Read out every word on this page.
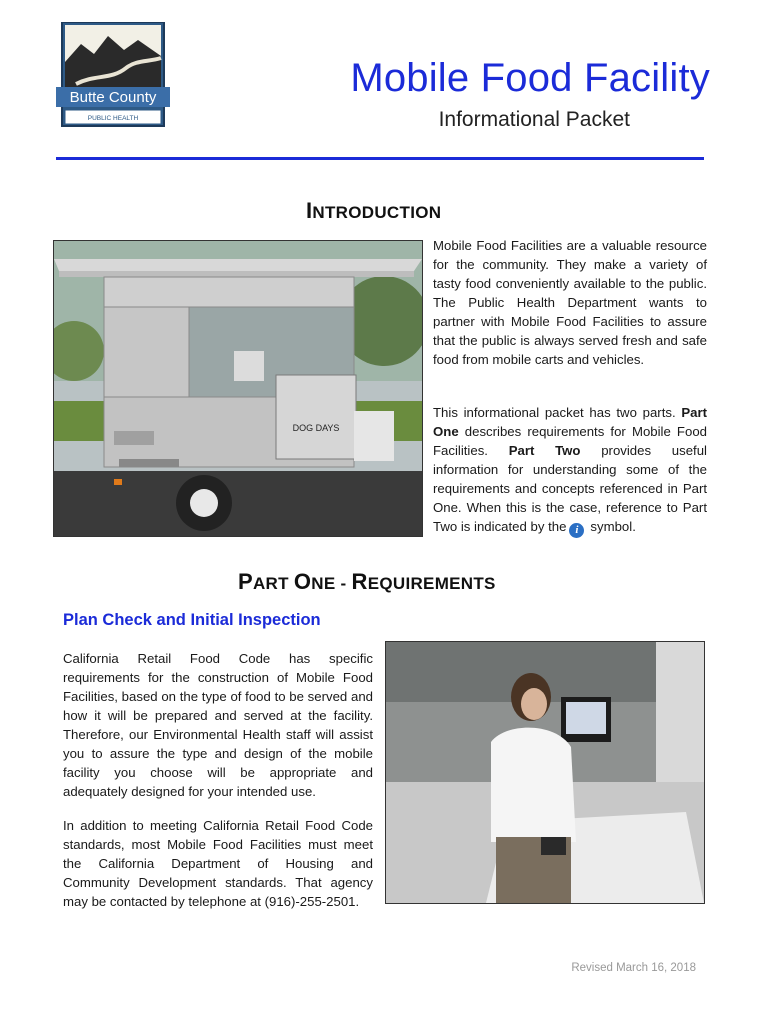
Butte County
PUBLIC HEALTH
Mobile Food Facility
Informational Packet
INTRODUCTION
DOG DAYS
Mobile Food Facilities are a valuable resource for the community. They make a variety of tasty food conveniently available to the public. The Public Health Department wants to partner with Mobile Food Facilities to assure that the public is always served fresh and safe food from mobile carts and vehicles.
This informational packet has two parts. Part One describes requirements for Mobile Food Facilities. Part Two provides useful information for understanding some of the requirements and concepts referenced in Part One. When this is the case, reference to Part Two is indicated by the i symbol.
PART ONE - REQUIREMENTS
Plan Check and Initial Inspection
California Retail Food Code has specific requirements for the construction of Mobile Food Facilities, based on the type of food to be served and how it will be prepared and served at the facility. Therefore, our Environmental Health staff will assist you to assure the type and design of the mobile facility you choose will be appropriate and adequately designed for your intended use.
In addition to meeting California Retail Food Code standards, most Mobile Food Facilities must meet the California Department of Housing and Community Development standards. That agency may be contacted by telephone at (916)-255-2501.
Revised March 16, 2018
